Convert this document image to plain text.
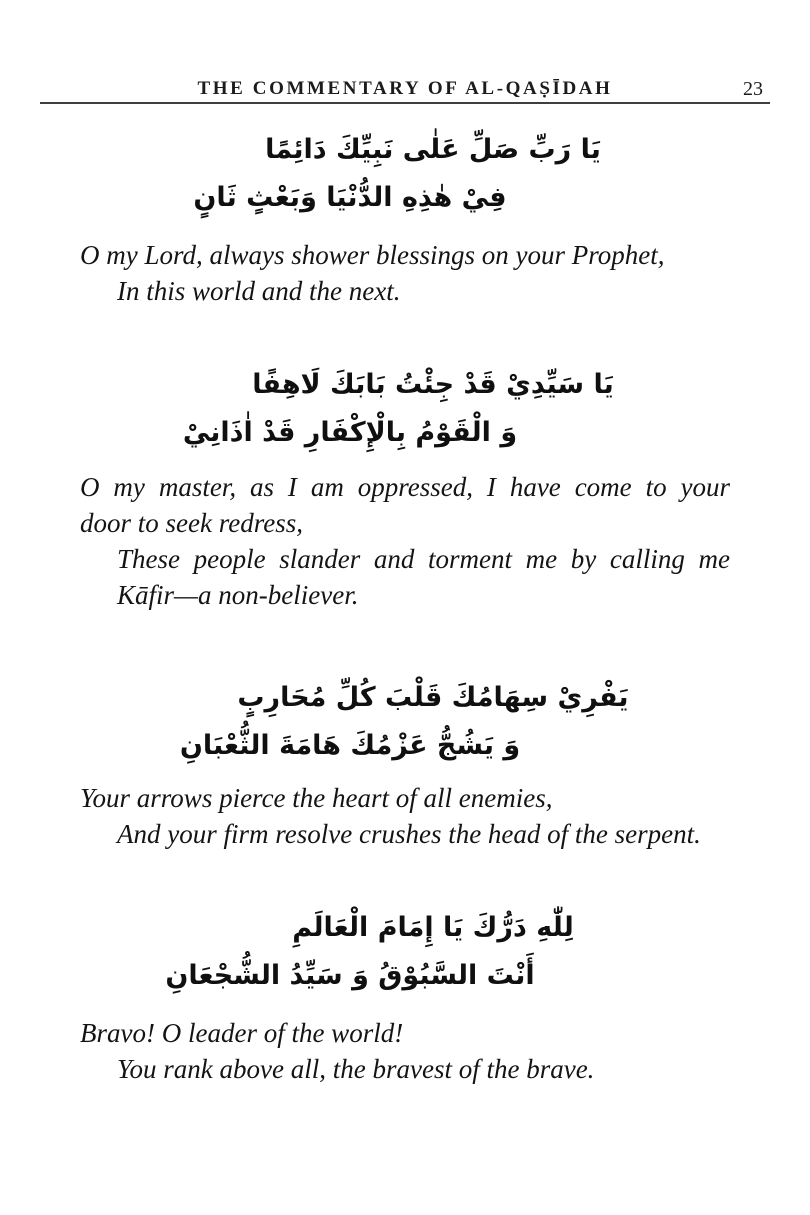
THE COMMENTARY OF AL-QAṢĪDAH	23
يَا رَبِّ صَلِّ عَلٰى نَبِيِّكَ دَائِمًا
فِيْ هٰذِهِ الدُّنْيَا وَبَعْثٍ ثَانٍ
O my Lord, always shower blessings on your Prophet,
In this world and the next.
يَا سَيِّدِيْ قَدْ جِئْتُ بَابَكَ لَاهِفًا
وَ الْقَوْمُ بِالْإِكْفَارِ قَدْ اٰذَانِيْ
O my master, as I am oppressed, I have come to your
door to seek redress,
These people slander and torment me by calling me
Kāfir—a non-believer.
يَفْرِيْ سِهَامُكَ قَلْبَ كُلِّ مُحَارِبٍ
وَ يَشُجُّ عَزْمُكَ هَامَةَ الثُّعْبَانِ
Your arrows pierce the heart of all enemies,
And your firm resolve crushes the head of the serpent.
لِلّٰهِ دَرُّكَ يَا إِمَامَ الْعَالَمِ
أَنْتَ السَّبُوْقُ وَ سَيِّدُ الشُّجْعَانِ
Bravo! O leader of the world!
You rank above all, the bravest of the brave.
